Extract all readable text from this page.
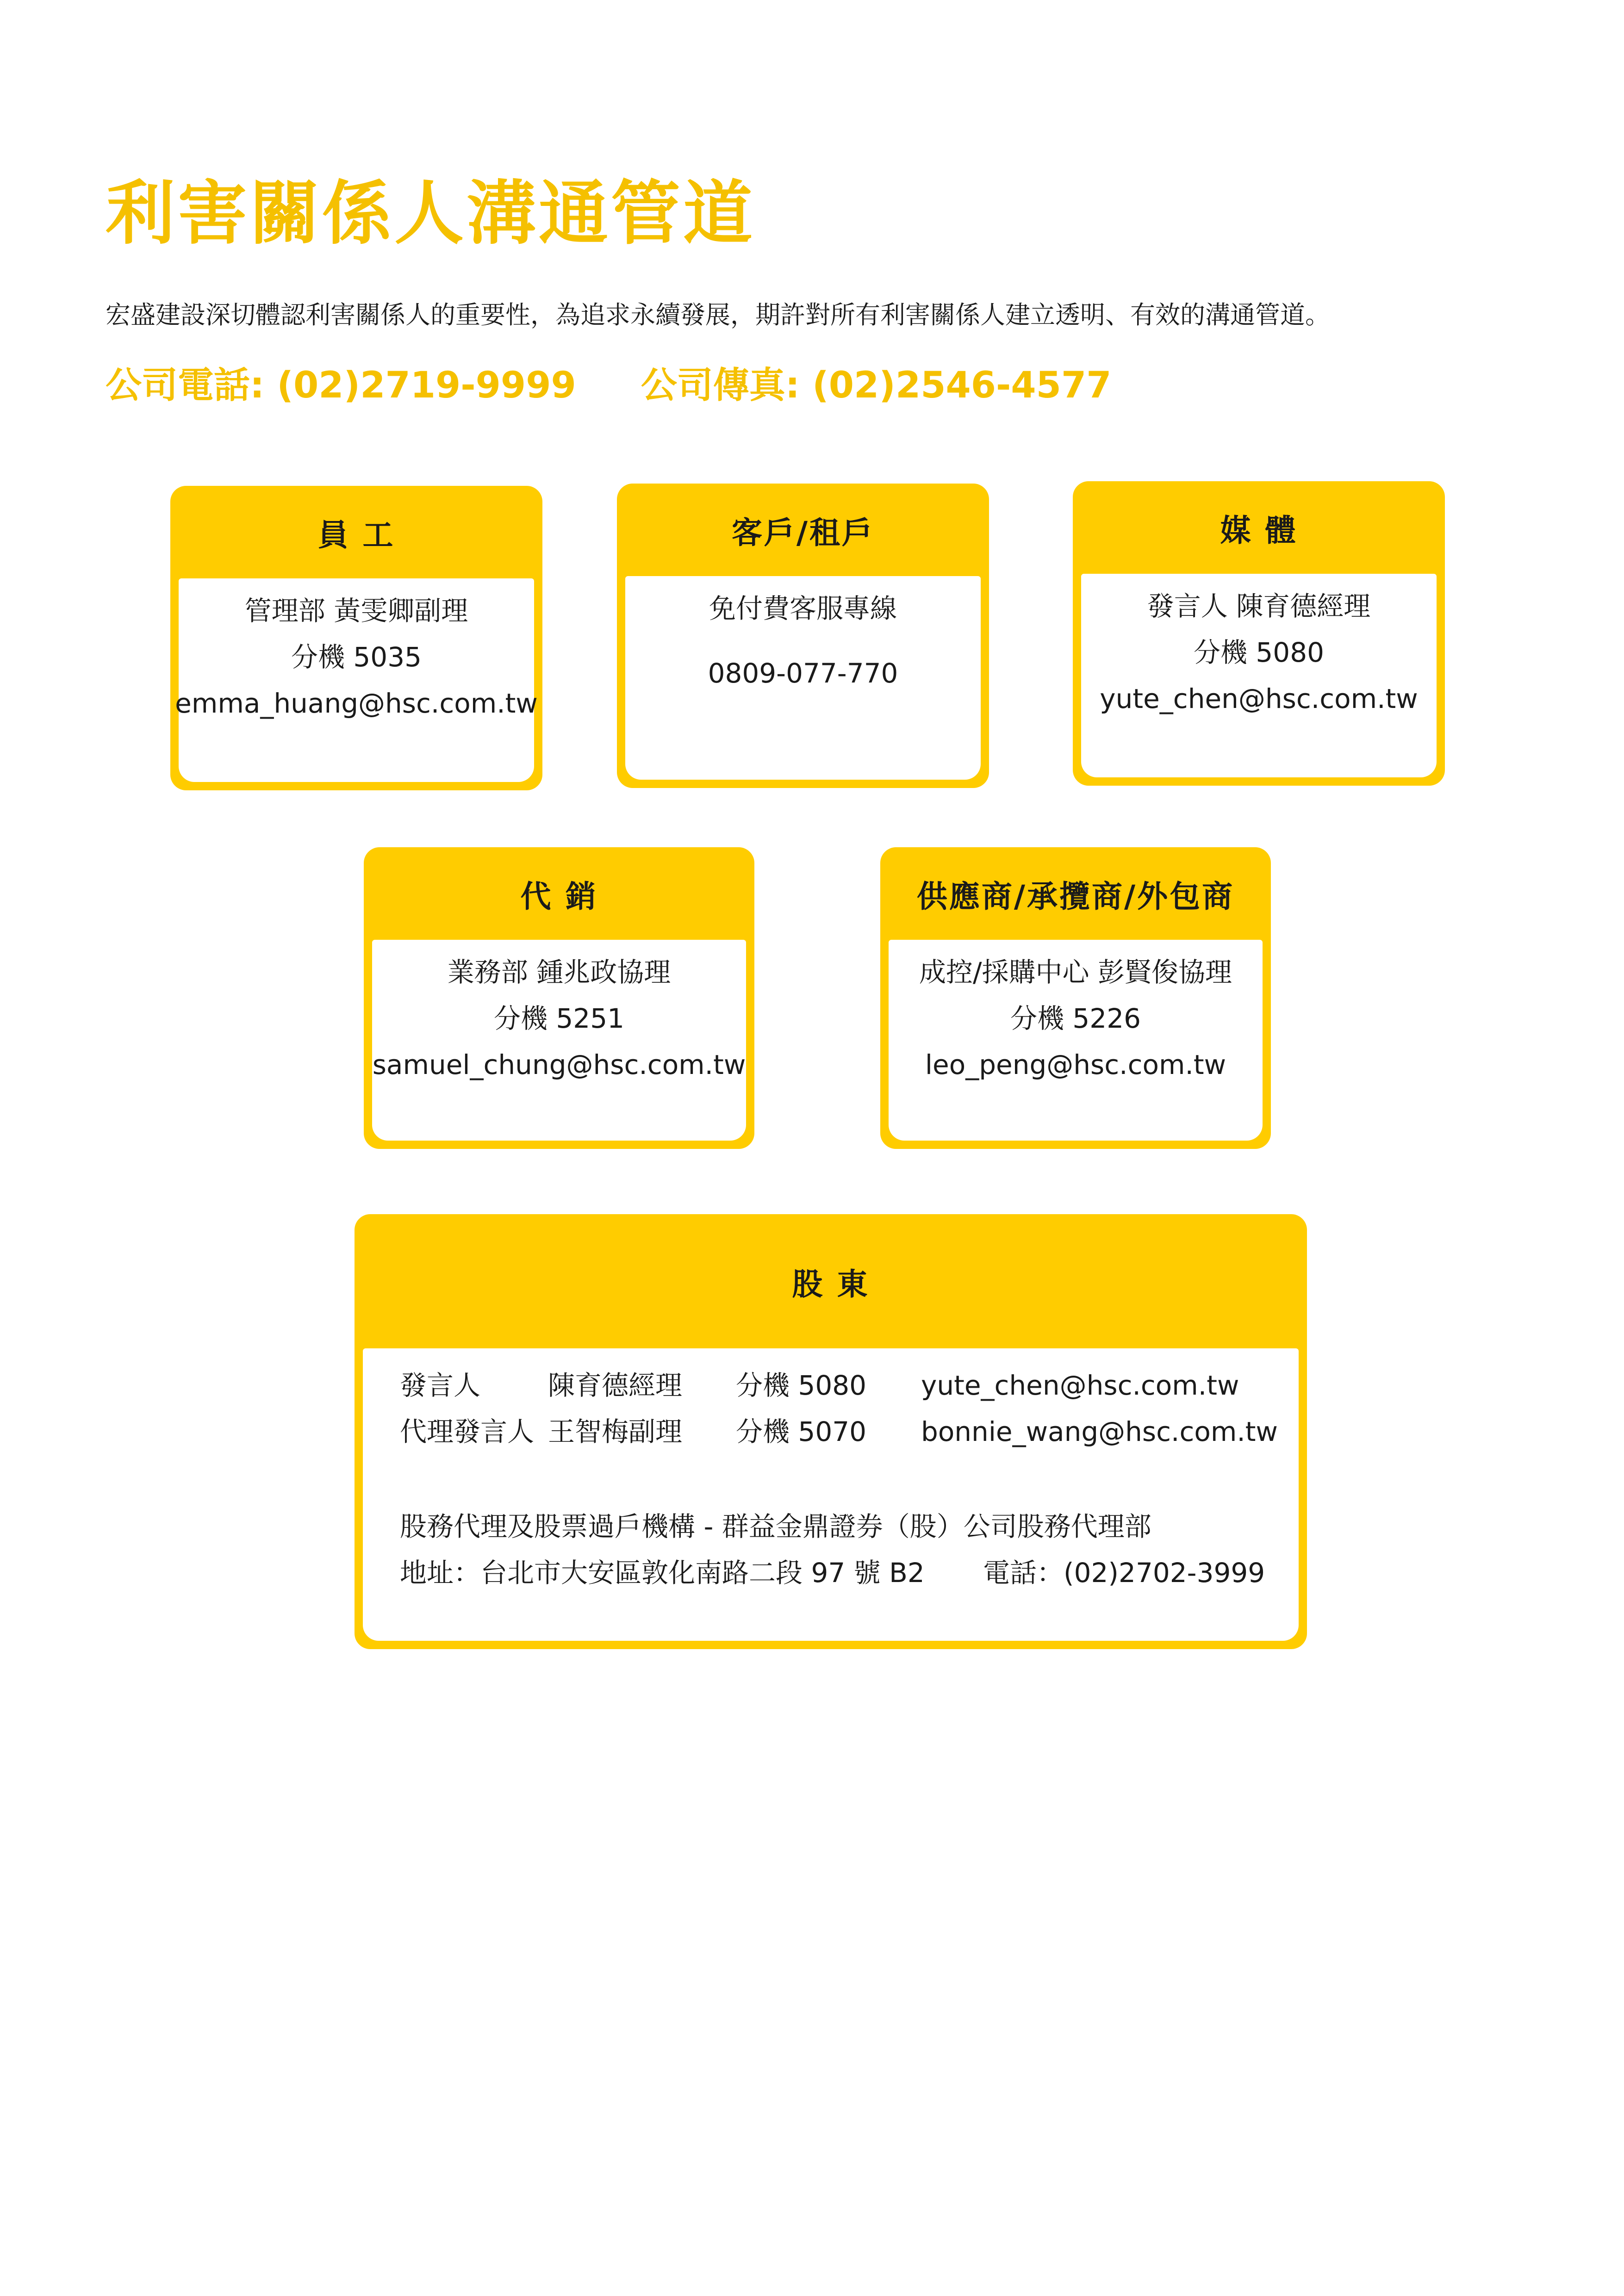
利害關係人溝通管道
宏盛建設深切體認利害關係人的重要性，為追求永續發展，期許對所有利害關係人建立透明、有效的溝通管道。
公司電話: (02)2719-9999 公司傳真: (02)2546-4577
員 工
管理部 黃雯卿副理
分機 5035
emma_huang@hsc.com.tw
客戶/租戶
免付費客服專線
0809-077-770
媒 體
發言人 陳育德經理
分機 5080
yute_chen@hsc.com.tw
代 銷
業務部 鍾兆政協理
分機 5251
samuel_chung@hsc.com.tw
供應商/承攬商/外包商
成控/採購中心 彭賢俊協理
分機 5226
leo_peng@hsc.com.tw
股 東
發言人	陳育德經理	分機 5080	yute_chen@hsc.com.tw
代理發言人 王智梅副理	分機 5070	bonnie_wang@hsc.com.tw
股務代理及股票過戶機構 - 群益金鼎證券（股）公司股務代理部
地址：台北市大安區敦化南路二段 97 號 B2	電話：(02)2702-3999
